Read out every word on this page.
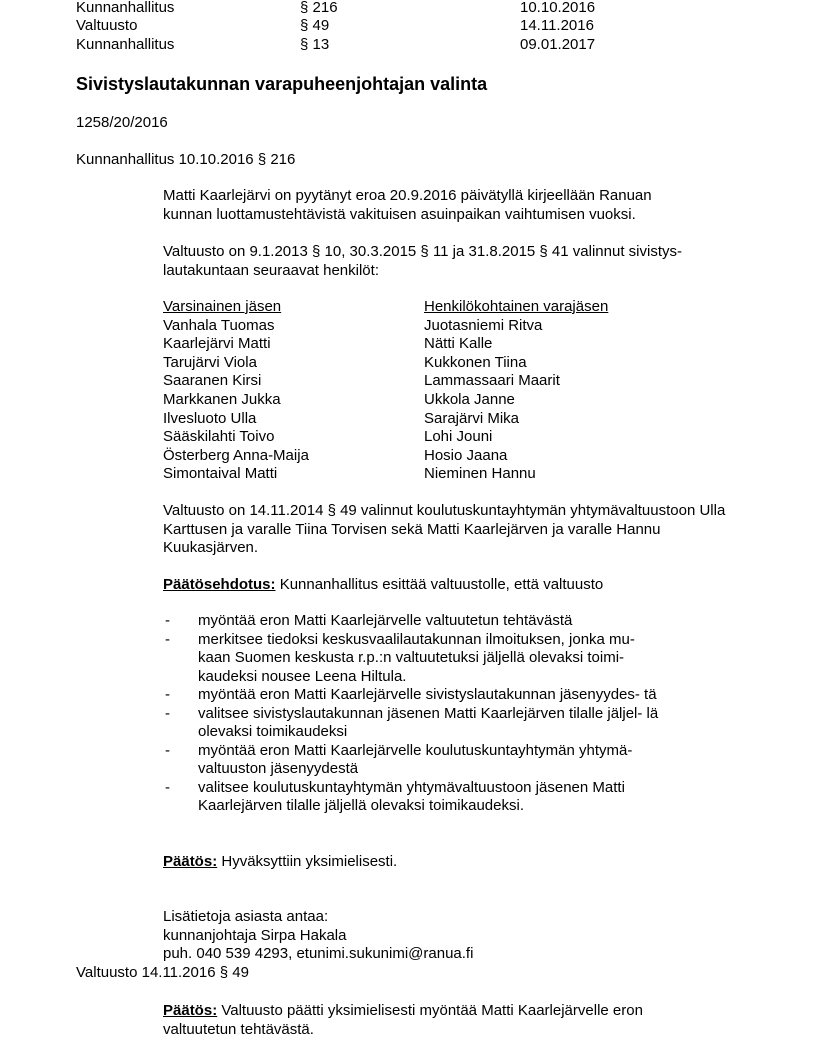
Kunnanhallitus	§ 216	10.10.2016
Valtuusto	§ 49	14.11.2016
Kunnanhallitus	§ 13	09.01.2017
Sivistyslautakunnan varapuheenjohtajan valinta
1258/20/2016
Kunnanhallitus 10.10.2016 § 216
Matti Kaarlejärvi on pyytänyt eroa 20.9.2016 päivätyllä kirjeellään Ranuan kunnan luottamustehtävistä vakituisen asuinpaikan vaihtumisen vuoksi.
Valtuusto on 9.1.2013 § 10, 30.3.2015 § 11 ja 31.8.2015 § 41 valinnut sivistys- lautakuntaan seuraavat henkilöt:
Varsinainen jäsen	Henkilökohtainen varajäsen
Vanhala Tuomas	Juotasniemi Ritva
Kaarlejärvi Matti	Nätti Kalle
Tarujärvi Viola	Kukkonen Tiina
Saaranen Kirsi	Lammassaari Maarit
Markkanen Jukka	Ukkola Janne
Ilvesluoto Ulla	Sarajärvi Mika
Sääskilahti Toivo	Lohi Jouni
Österberg Anna-Maija	Hosio Jaana
Simontaival Matti	Nieminen Hannu
Valtuusto on 14.11.2014 § 49 valinnut koulutuskuntayhtymän yhtymävaltuustoon Ulla Karttusen ja varalle Tiina Torvisen sekä Matti Kaarlejärven ja varalle Hannu Kuukasjärven.
Päätösehdotus: Kunnanhallitus esittää valtuustolle, että valtuusto
- myöntää eron Matti Kaarlejärvelle valtuutetun tehtävästä
- merkitsee tiedoksi keskusvaalilautakunnan ilmoituksen, jonka mu- kaan Suomen keskusta r.p.:n valtuutetuksi jäljellä olevaksi toimi- kaudeksi nousee Leena Hiltula.
- myöntää eron Matti Kaarlejärvelle sivistyslautakunnan jäsenyydes- tä
- valitsee sivistyslautakunnan jäsenen Matti Kaarlejärven tilalle jäljel- lä olevaksi toimikaudeksi
- myöntää eron Matti Kaarlejärvelle koulutuskuntayhtymän yhtymä- valtuuston jäsenyydestä
- valitsee koulutuskuntayhtymän yhtymävaltuustoon jäsenen Matti Kaarlejärven tilalle jäljellä olevaksi toimikaudeksi.
Päätös: Hyväksyttiin yksimielisesti.
Lisätietoja asiasta antaa:
kunnanjohtaja Sirpa Hakala
puh. 040 539 4293, etunimi.sukunimi@ranua.fi
Valtuusto 14.11.2016 § 49
Päätös: Valtuusto päätti yksimielisesti myöntää Matti Kaarlejärvelle eron valtuutetun tehtävästä.
